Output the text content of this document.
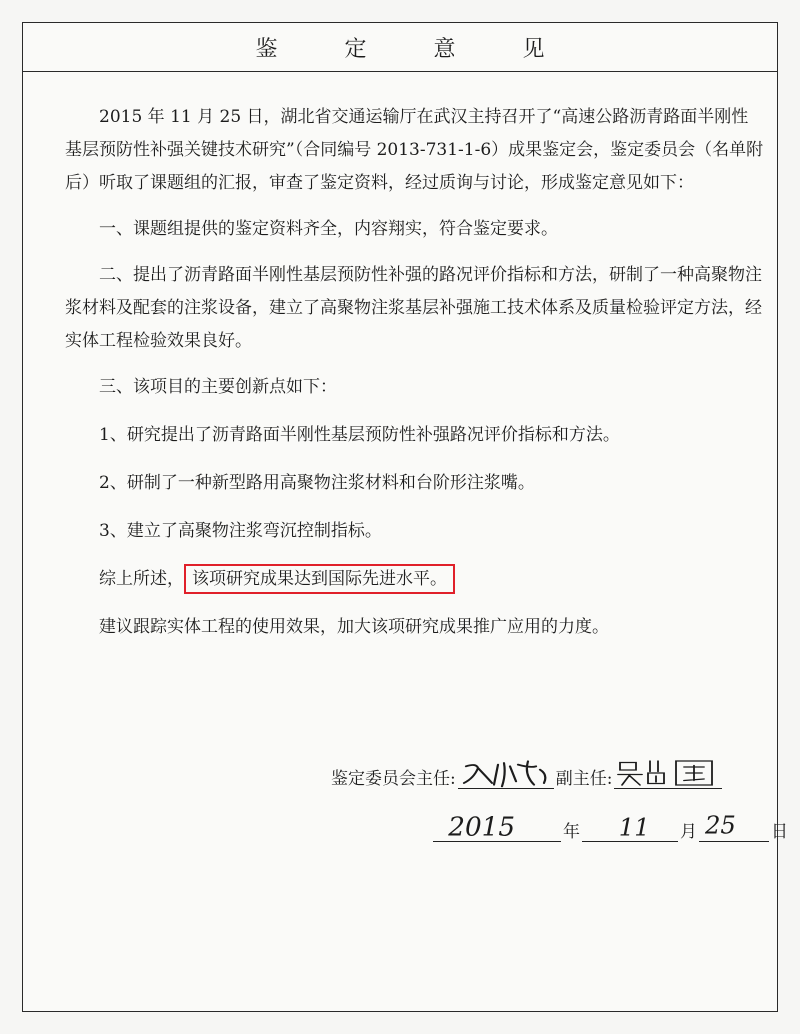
鉴 定 意 见

2015 年 11 月 25 日，湖北省交通运输厅在武汉主持召开了“高速公路沥青路面半刚性基层预防性补强关键技术研究”（合同编号 2013-731-1-6）成果鉴定会，鉴定委员会（名单附后）听取了课题组的汇报，审查了鉴定资料，经过质询与讨论，形成鉴定意见如下：

一、课题组提供的鉴定资料齐全，内容翔实，符合鉴定要求。

二、提出了沥青路面半刚性基层预防性补强的路况评价指标和方法，研制了一种高聚物注浆材料及配套的注浆设备，建立了高聚物注浆基层补强施工技术体系及质量检验评定方法，经实体工程检验效果良好。

三、该项目的主要创新点如下：

1、研究提出了沥青路面半刚性基层预防性补强路况评价指标和方法。

2、研制了一种新型路用高聚物注浆材料和台阶形注浆嘴。

3、建立了高聚物注浆弯沉控制指标。

综上所述， 该项研究成果达到国际先进水平。

建议跟踪实体工程的使用效果，加大该项研究成果推广应用的力度。

鉴定委员会主任:	副主任:
2015	年 11 月 25 日
